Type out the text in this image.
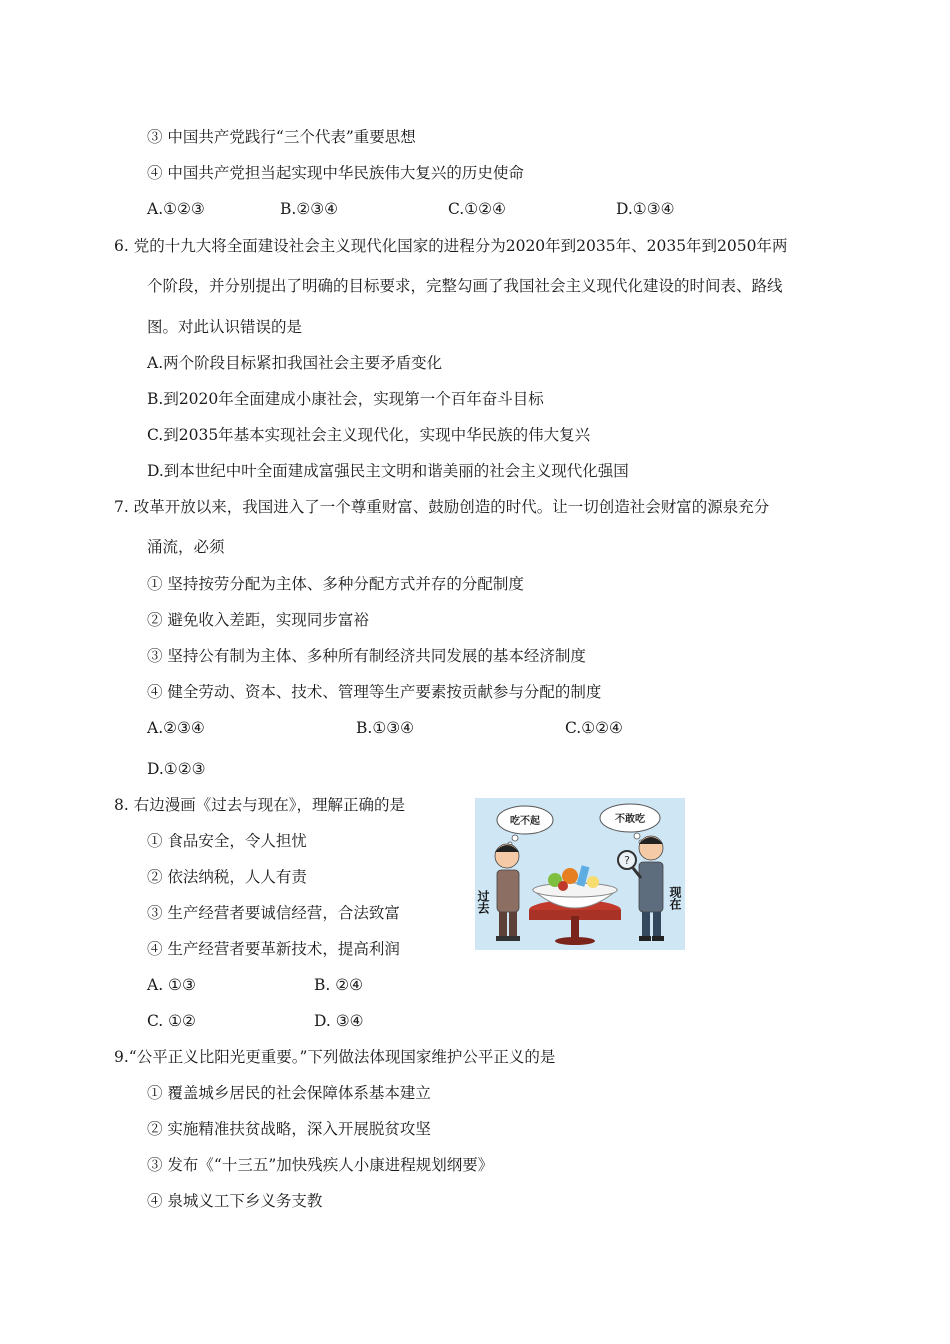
③ 中国共产党践行“三个代表”重要思想
④ 中国共产党担当起实现中华民族伟大复兴的历史使命
A.①②③	B.②③④	C.①②④	D.①③④
6. 党的十九大将全面建设社会主义现代化国家的进程分为2020年到2035年、2035年到2050年两
个阶段，并分别提出了明确的目标要求，完整勾画了我国社会主义现代化建设的时间表、路线
图。对此认识错误的是
A.两个阶段目标紧扣我国社会主要矛盾变化
B.到2020年全面建成小康社会，实现第一个百年奋斗目标
C.到2035年基本实现社会主义现代化，实现中华民族的伟大复兴
D.到本世纪中叶全面建成富强民主文明和谐美丽的社会主义现代化强国
7. 改革开放以来，我国进入了一个尊重财富、鼓励创造的时代。让一切创造社会财富的源泉充分
涌流，必须
① 坚持按劳分配为主体、多种分配方式并存的分配制度
② 避免收入差距，实现同步富裕
③ 坚持公有制为主体、多种所有制经济共同发展的基本经济制度
④ 健全劳动、资本、技术、管理等生产要素按贡献参与分配的制度
A.②③④	B.①③④	C.①②④
D.①②③
8. 右边漫画《过去与现在》，理解正确的是
① 食品安全，令人担忧
② 依法纳税，人人有责
③ 生产经营者要诚信经营，合法致富
④ 生产经营者要革新技术，提高利润
A. ①③	B. ②④
C. ①②	D. ③④
吃不起	不敢吃
?
过去	现在
9.“公平正义比阳光更重要。”下列做法体现国家维护公平正义的是
① 覆盖城乡居民的社会保障体系基本建立
② 实施精准扶贫战略，深入开展脱贫攻坚
③ 发布《“十三五”加快残疾人小康进程规划纲要》
④ 泉城义工下乡义务支教
